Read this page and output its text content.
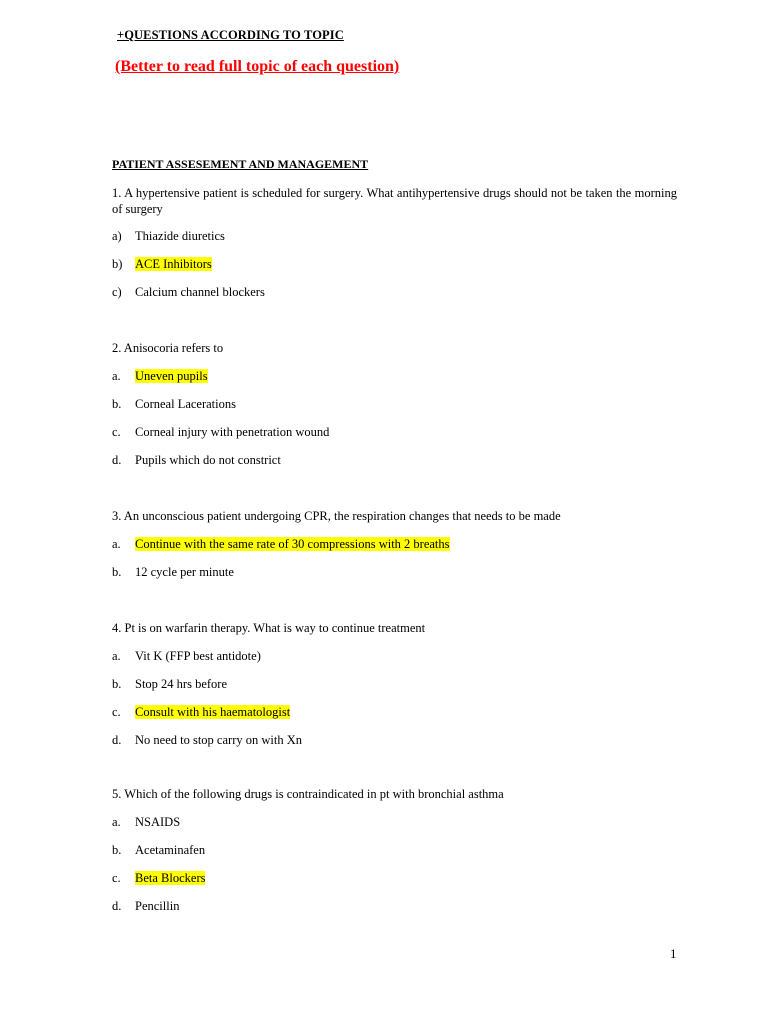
+QUESTIONS ACCORDING TO TOPIC
(Better to read full topic of each question)
PATIENT ASSESEMENT AND MANAGEMENT
1. A hypertensive patient is scheduled for surgery. What antihypertensive drugs should not be taken the morning of surgery
a) Thiazide diuretics
b) ACE Inhibitors
c) Calcium channel blockers
2. Anisocoria refers to
a. Uneven pupils
b. Corneal Lacerations
c. Corneal injury with penetration wound
d. Pupils which do not constrict
3. An unconscious patient undergoing CPR, the respiration changes that needs to be made
a. Continue with the same rate of 30 compressions with 2 breaths
b. 12 cycle per minute
4. Pt is on warfarin therapy. What is way to continue treatment
a. Vit K (FFP best antidote)
b. Stop 24 hrs before
c. Consult with his haematologist
d. No need to stop carry on with Xn
5. Which of the following drugs is contraindicated in pt with bronchial asthma
a. NSAIDS
b. Acetaminafen
c. Beta Blockers
d. Pencillin
1
